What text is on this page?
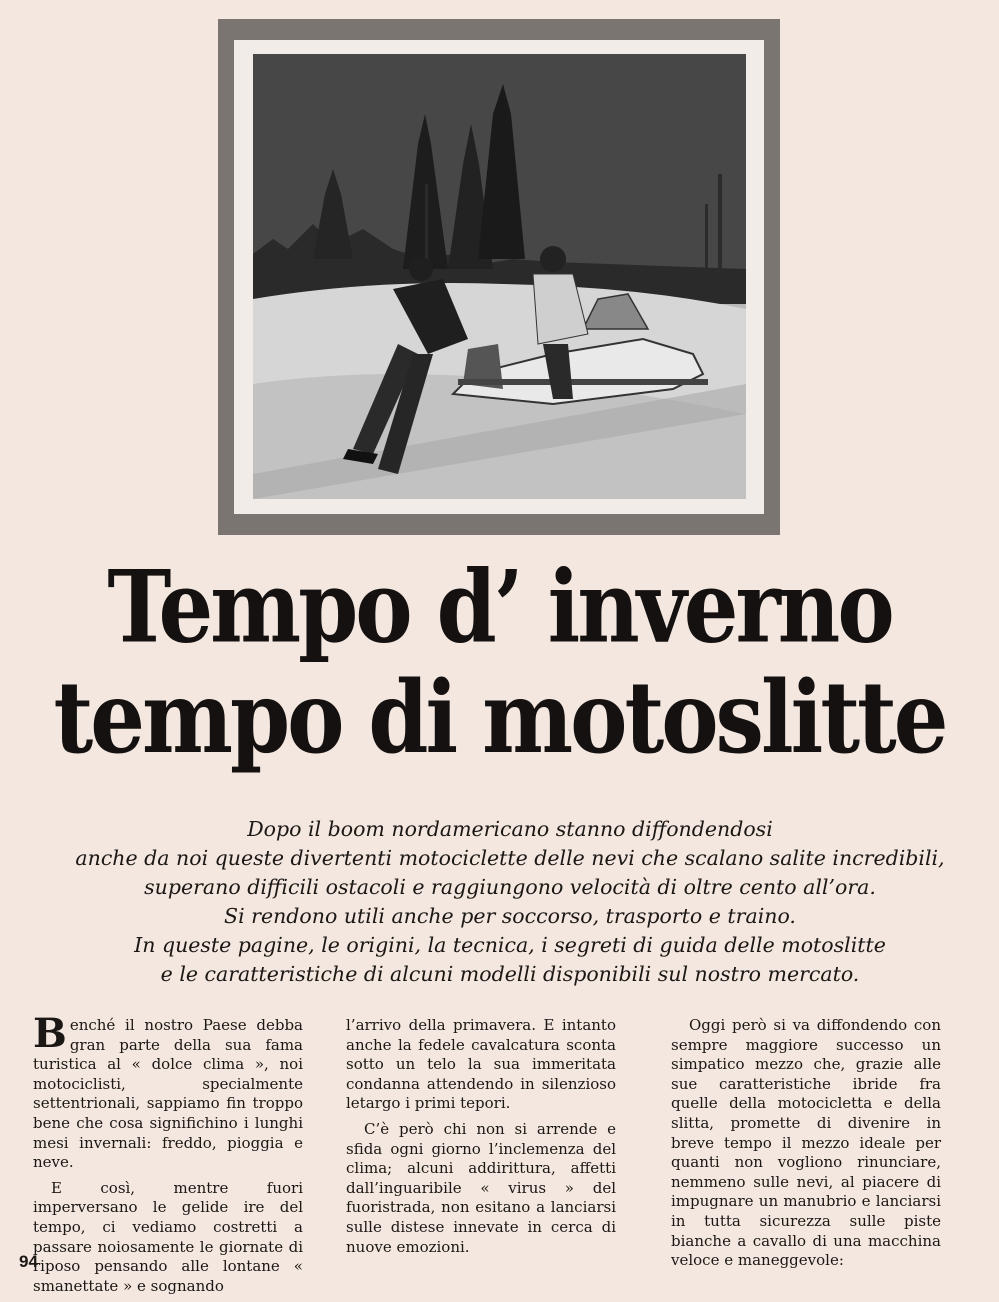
Tempo d’ inverno
tempo di motoslitte
Dopo il boom nordamericano stanno diffondendosi
anche da noi queste divertenti motociclette delle nevi che scalano salite incredibili,
superano difficili ostacoli e raggiungono velocità di oltre cento all’ora.
Si rendono utili anche per soccorso, trasporto e traino.
In queste pagine, le origini, la tecnica, i segreti di guida delle motoslitte
e le caratteristiche di alcuni modelli disponibili sul nostro mercato.

Benché il nostro Paese debba gran parte della sua fama turistica al « dolce clima », noi motociclisti, specialmente settentrionali, sappiamo fin troppo bene che cosa significhino i lunghi mesi invernali: freddo, pioggia e neve.

E così, mentre fuori imperversano le gelide ire del tempo, ci vediamo costretti a passare noiosamente le giornate di riposo pensando alle lontane « smanettate » e sognando

l’arrivo della primavera. E intanto anche la fedele cavalcatura sconta sotto un telo la sua immeritata condanna attendendo in silenzioso letargo i primi tepori.

C’è però chi non si arrende e sfida ogni giorno l’inclemenza del clima; alcuni addirittura, affetti dall’inguaribile « virus » del fuoristrada, non esitano a lanciarsi sulle distese innevate in cerca di nuove emozioni.

Oggi però si va diffondendo con sempre maggiore successo un simpatico mezzo che, grazie alle sue caratteristiche ibride fra quelle della motocicletta e della slitta, promette di divenire in breve tempo il mezzo ideale per quanti non vogliono rinunciare, nemmeno sulle nevi, al piacere di impugnare un manubrio e lanciarsi in tutta sicurezza sulle piste bianche a cavallo di una macchina veloce e maneggevole:

94
